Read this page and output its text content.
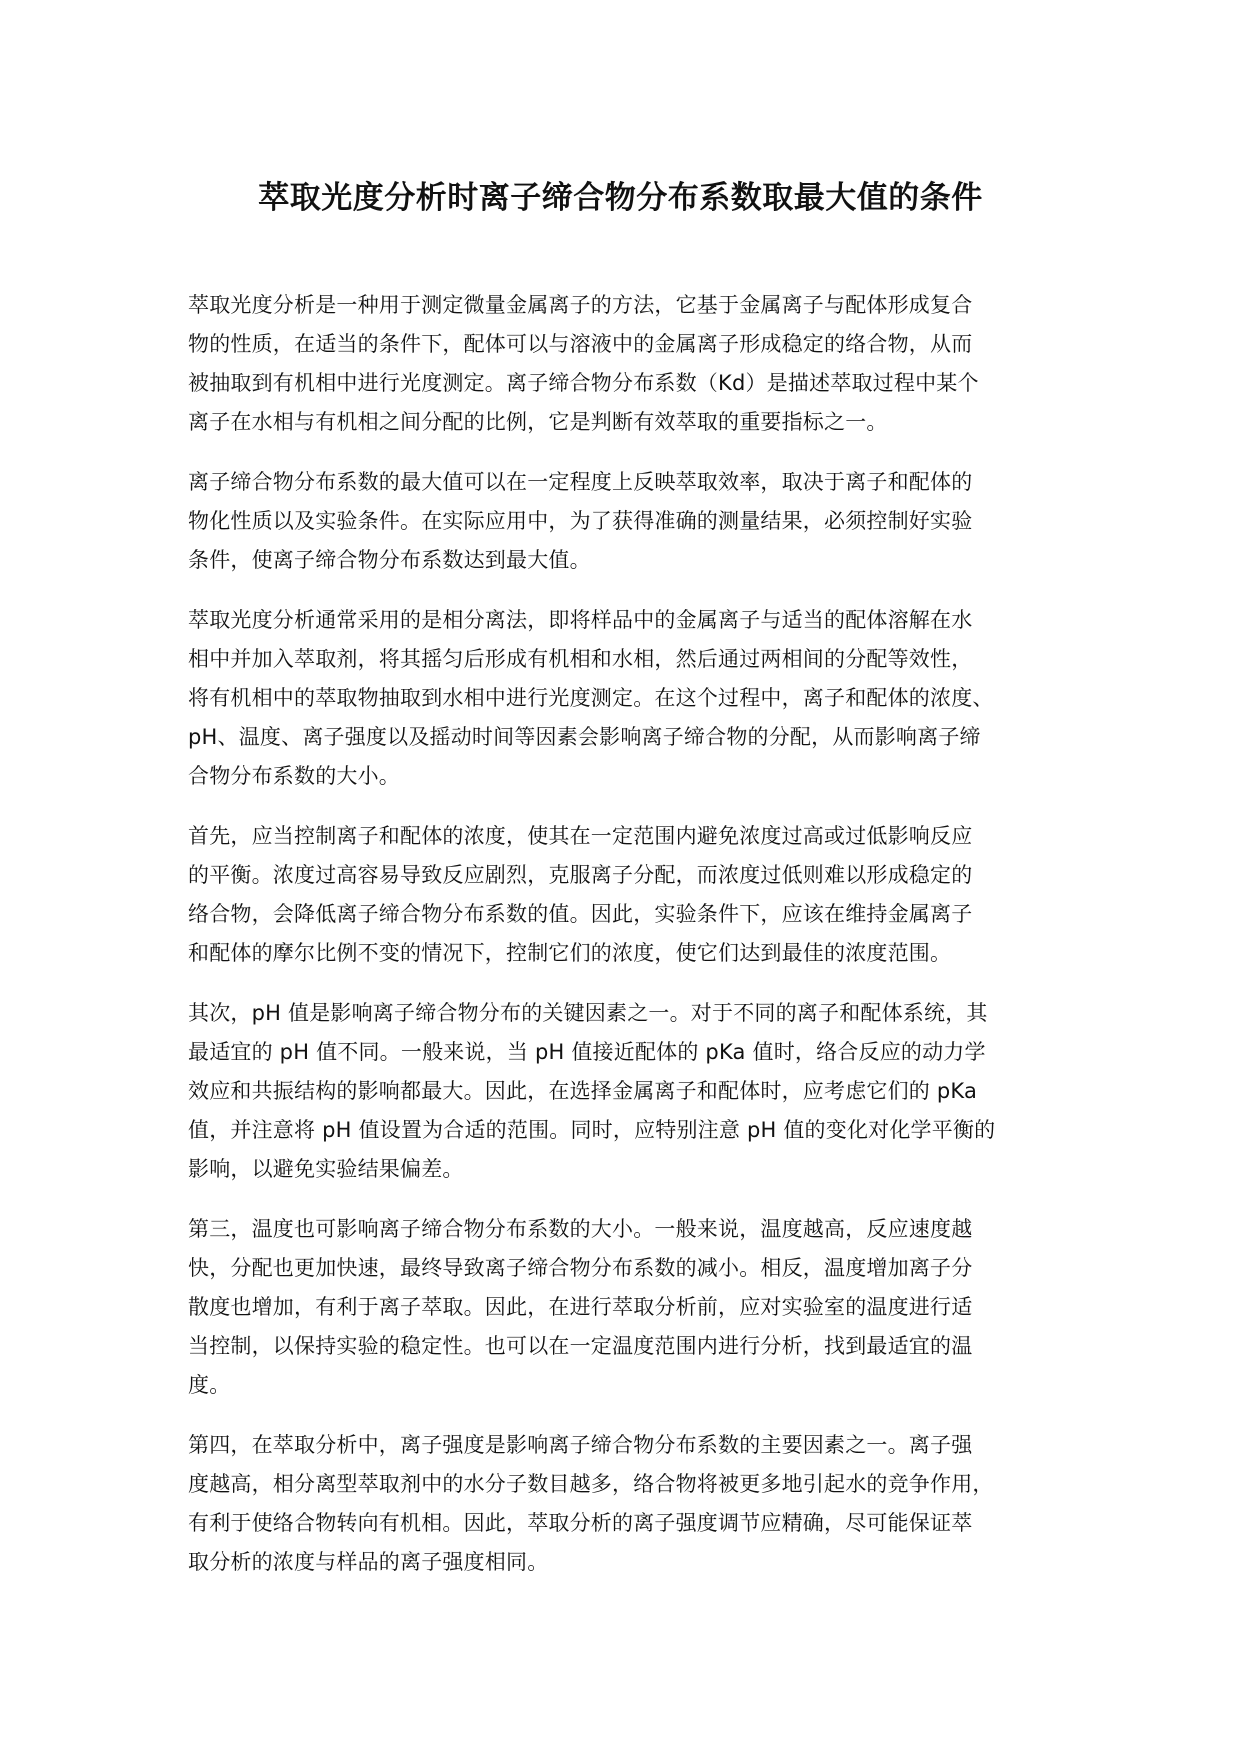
萃取光度分析时离子缔合物分布系数取最大值的条件

萃取光度分析是一种用于测定微量金属离子的方法，它基于金属离子与配体形成复合
物的性质，在适当的条件下，配体可以与溶液中的金属离子形成稳定的络合物，从而
被抽取到有机相中进行光度测定。离子缔合物分布系数（Kd）是描述萃取过程中某个
离子在水相与有机相之间分配的比例，它是判断有效萃取的重要指标之一。

离子缔合物分布系数的最大值可以在一定程度上反映萃取效率，取决于离子和配体的
物化性质以及实验条件。在实际应用中，为了获得准确的测量结果，必须控制好实验
条件，使离子缔合物分布系数达到最大值。

萃取光度分析通常采用的是相分离法，即将样品中的金属离子与适当的配体溶解在水
相中并加入萃取剂，将其摇匀后形成有机相和水相，然后通过两相间的分配等效性，
将有机相中的萃取物抽取到水相中进行光度测定。在这个过程中，离子和配体的浓度、
pH、温度、离子强度以及摇动时间等因素会影响离子缔合物的分配，从而影响离子缔
合物分布系数的大小。

首先，应当控制离子和配体的浓度，使其在一定范围内避免浓度过高或过低影响反应
的平衡。浓度过高容易导致反应剧烈，克服离子分配，而浓度过低则难以形成稳定的
络合物，会降低离子缔合物分布系数的值。因此，实验条件下，应该在维持金属离子
和配体的摩尔比例不变的情况下，控制它们的浓度，使它们达到最佳的浓度范围。

其次，pH 值是影响离子缔合物分布的关键因素之一。对于不同的离子和配体系统，其
最适宜的 pH 值不同。一般来说，当 pH 值接近配体的 pKa 值时，络合反应的动力学
效应和共振结构的影响都最大。因此，在选择金属离子和配体时，应考虑它们的 pKa
值，并注意将 pH 值设置为合适的范围。同时，应特别注意 pH 值的变化对化学平衡的
影响，以避免实验结果偏差。

第三，温度也可影响离子缔合物分布系数的大小。一般来说，温度越高，反应速度越
快，分配也更加快速，最终导致离子缔合物分布系数的减小。相反，温度增加离子分
散度也增加，有利于离子萃取。因此，在进行萃取分析前，应对实验室的温度进行适
当控制，以保持实验的稳定性。也可以在一定温度范围内进行分析，找到最适宜的温
度。

第四，在萃取分析中，离子强度是影响离子缔合物分布系数的主要因素之一。离子强
度越高，相分离型萃取剂中的水分子数目越多，络合物将被更多地引起水的竞争作用，
有利于使络合物转向有机相。因此，萃取分析的离子强度调节应精确，尽可能保证萃
取分析的浓度与样品的离子强度相同。
